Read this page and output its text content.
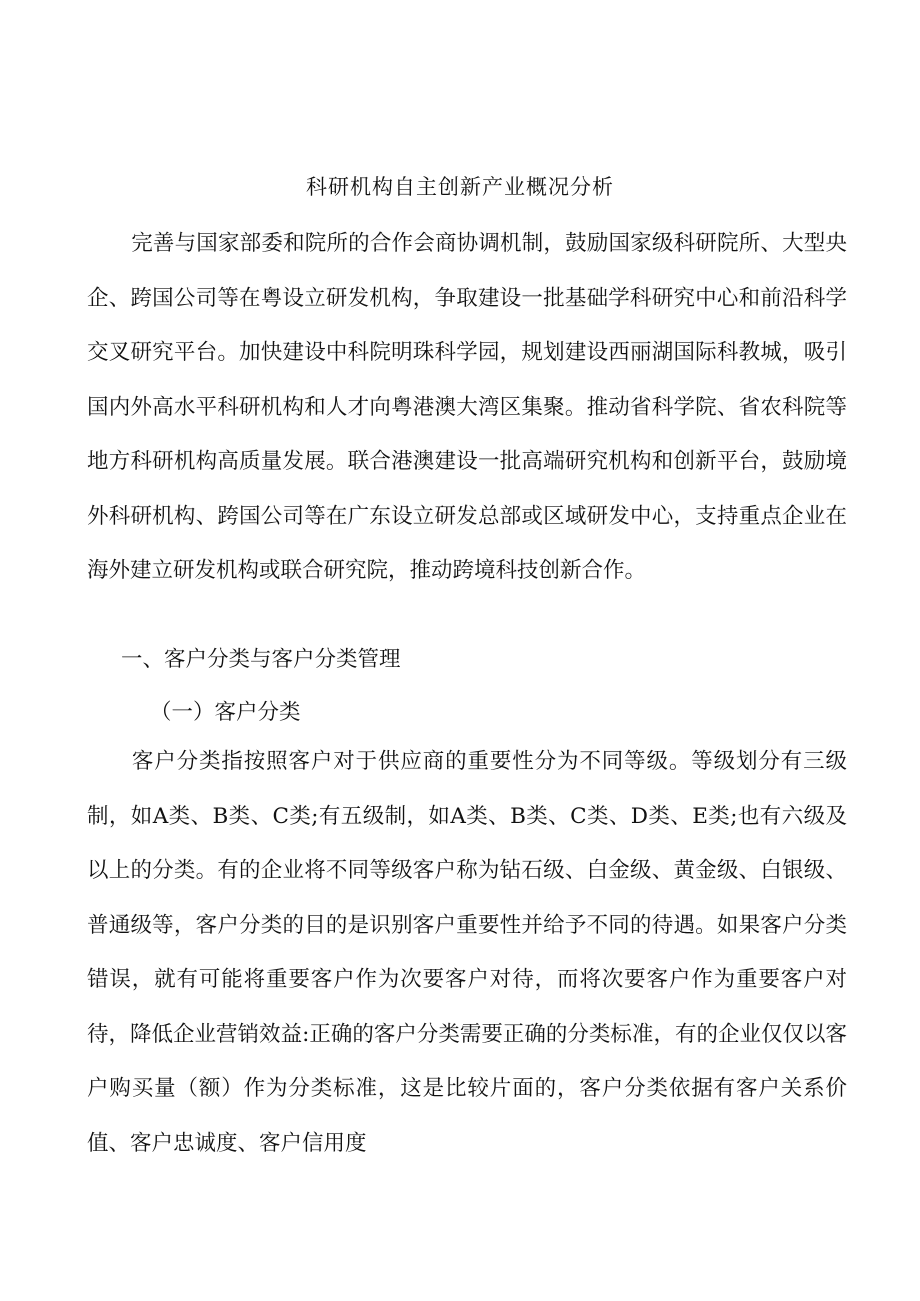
科研机构自主创新产业概况分析

完善与国家部委和院所的合作会商协调机制，鼓励国家级科研院所、大型央企、跨国公司等在粤设立研发机构，争取建设一批基础学科研究中心和前沿科学交叉研究平台。加快建设中科院明珠科学园，规划建设西丽湖国际科教城，吸引国内外高水平科研机构和人才向粤港澳大湾区集聚。推动省科学院、省农科院等地方科研机构高质量发展。联合港澳建设一批高端研究机构和创新平台，鼓励境外科研机构、跨国公司等在广东设立研发总部或区域研发中心，支持重点企业在海外建立研发机构或联合研究院，推动跨境科技创新合作。

一、客户分类与客户分类管理
（一）客户分类

客户分类指按照客户对于供应商的重要性分为不同等级。等级划分有三级制，如A类、B类、C类;有五级制，如A类、B类、C类、D类、E类;也有六级及以上的分类。有的企业将不同等级客户称为钻石级、白金级、黄金级、白银级、普通级等，客户分类的目的是识别客户重要性并给予不同的待遇。如果客户分类错误，就有可能将重要客户作为次要客户对待，而将次要客户作为重要客户对待，降低企业营销效益:正确的客户分类需要正确的分类标准，有的企业仅仅以客户购买量（额）作为分类标准，这是比较片面的，客户分类依据有客户关系价值、客户忠诚度、客户信用度
